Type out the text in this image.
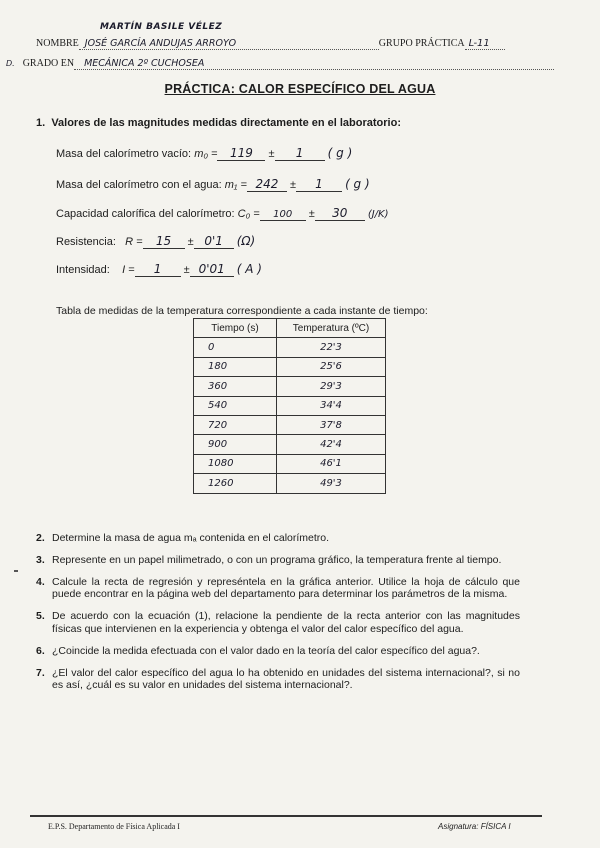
MARTÍN BASILE VÉLEZ
NOMBRE JOSÉ GARCÍA ANDUJAS ARROYO	GRUPO PRÁCTICA L-11
D. GRADO EN MECÁNICA 2º CUCHOSEA
PRÁCTICA: CALOR ESPECÍFICO DEL AGUA
1. Valores de las magnitudes medidas directamente en el laboratorio:
Masa del calorímetro vacío: m₀ = 119 ± 1 ( g )
Masa del calorímetro con el agua: m₁ = 242 ± 1 ( g )
Capacidad calorífica del calorímetro: C₀ = 100 ± 30 (J/K)
Resistencia: R = 15 ± 0'1 (Ω)
Intensidad: I = 1 ± 0'01 ( A )
Tabla de medidas de la temperatura correspondiente a cada instante de tiempo:
Tiempo (s)	Temperatura (ºC)
0	22'3
180	25'6
360	29'3
540	34'4
720	37'8
900	42'4
1080	46'1
1260	49'3
2. Determine la masa de agua mₐ contenida en el calorímetro.
3. Represente en un papel milimetrado, o con un programa gráfico, la temperatura frente al tiempo.
4. Calcule la recta de regresión y represéntela en la gráfica anterior. Utilice la hoja de cálculo que puede encontrar en la página web del departamento para determinar los parámetros de la misma.
5. De acuerdo con la ecuación (1), relacione la pendiente de la recta anterior con las magnitudes físicas que intervienen en la experiencia y obtenga el valor del calor específico del agua.
6. ¿Coincide la medida efectuada con el valor dado en la teoría del calor específico del agua?.
7. ¿El valor del calor específico del agua lo ha obtenido en unidades del sistema internacional?, si no es así, ¿cuál es su valor en unidades del sistema internacional?.
E.P.S. Departamento de Física Aplicada I	Asignatura: FÍSICA I
